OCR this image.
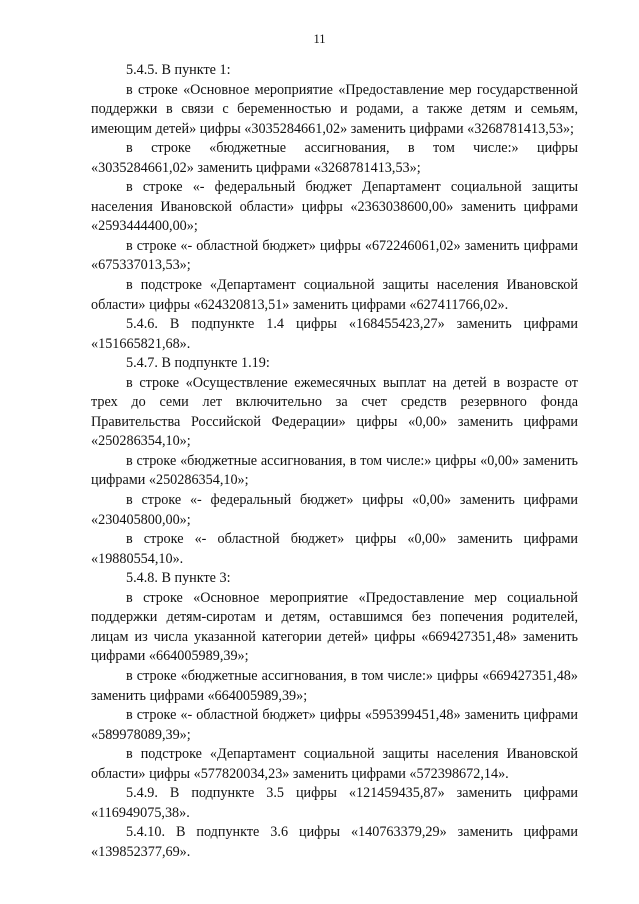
11

5.4.5. В пункте 1:

в строке «Основное мероприятие «Предоставление мер государственной поддержки в связи с беременностью и родами, а также детям и семьям, имеющим детей» цифры «3035284661,02» заменить цифрами «3268781413,53»;

в строке «бюджетные ассигнования, в том числе:» цифры «3035284661,02» заменить цифрами «3268781413,53»;

в строке «- федеральный бюджет Департамент социальной защиты населения Ивановской области» цифры «2363038600,00» заменить цифрами «2593444400,00»;

в строке «- областной бюджет» цифры «672246061,02» заменить цифрами «675337013,53»;

в подстроке «Департамент социальной защиты населения Ивановской области» цифры «624320813,51» заменить цифрами «627411766,02».

5.4.6. В подпункте 1.4 цифры «168455423,27» заменить цифрами «151665821,68».

5.4.7. В подпункте 1.19:

в строке «Осуществление ежемесячных выплат на детей в возрасте от трех до семи лет включительно за счет средств резервного фонда Правительства Российской Федерации» цифры «0,00» заменить цифрами «250286354,10»;

в строке «бюджетные ассигнования, в том числе:» цифры «0,00» заменить цифрами «250286354,10»;

в строке «- федеральный бюджет» цифры «0,00» заменить цифрами «230405800,00»;

в строке «- областной бюджет» цифры «0,00» заменить цифрами «19880554,10».

5.4.8. В пункте 3:

в строке «Основное мероприятие «Предоставление мер социальной поддержки детям-сиротам и детям, оставшимся без попечения родителей, лицам из числа указанной категории детей» цифры «669427351,48» заменить цифрами «664005989,39»;

в строке «бюджетные ассигнования, в том числе:» цифры «669427351,48» заменить цифрами «664005989,39»;

в строке «- областной бюджет» цифры «595399451,48» заменить цифрами «589978089,39»;

в подстроке «Департамент социальной защиты населения Ивановской области» цифры «577820034,23» заменить цифрами «572398672,14».

5.4.9. В подпункте 3.5 цифры «121459435,87» заменить цифрами «116949075,38».

5.4.10. В подпункте 3.6 цифры «140763379,29» заменить цифрами «139852377,69».
